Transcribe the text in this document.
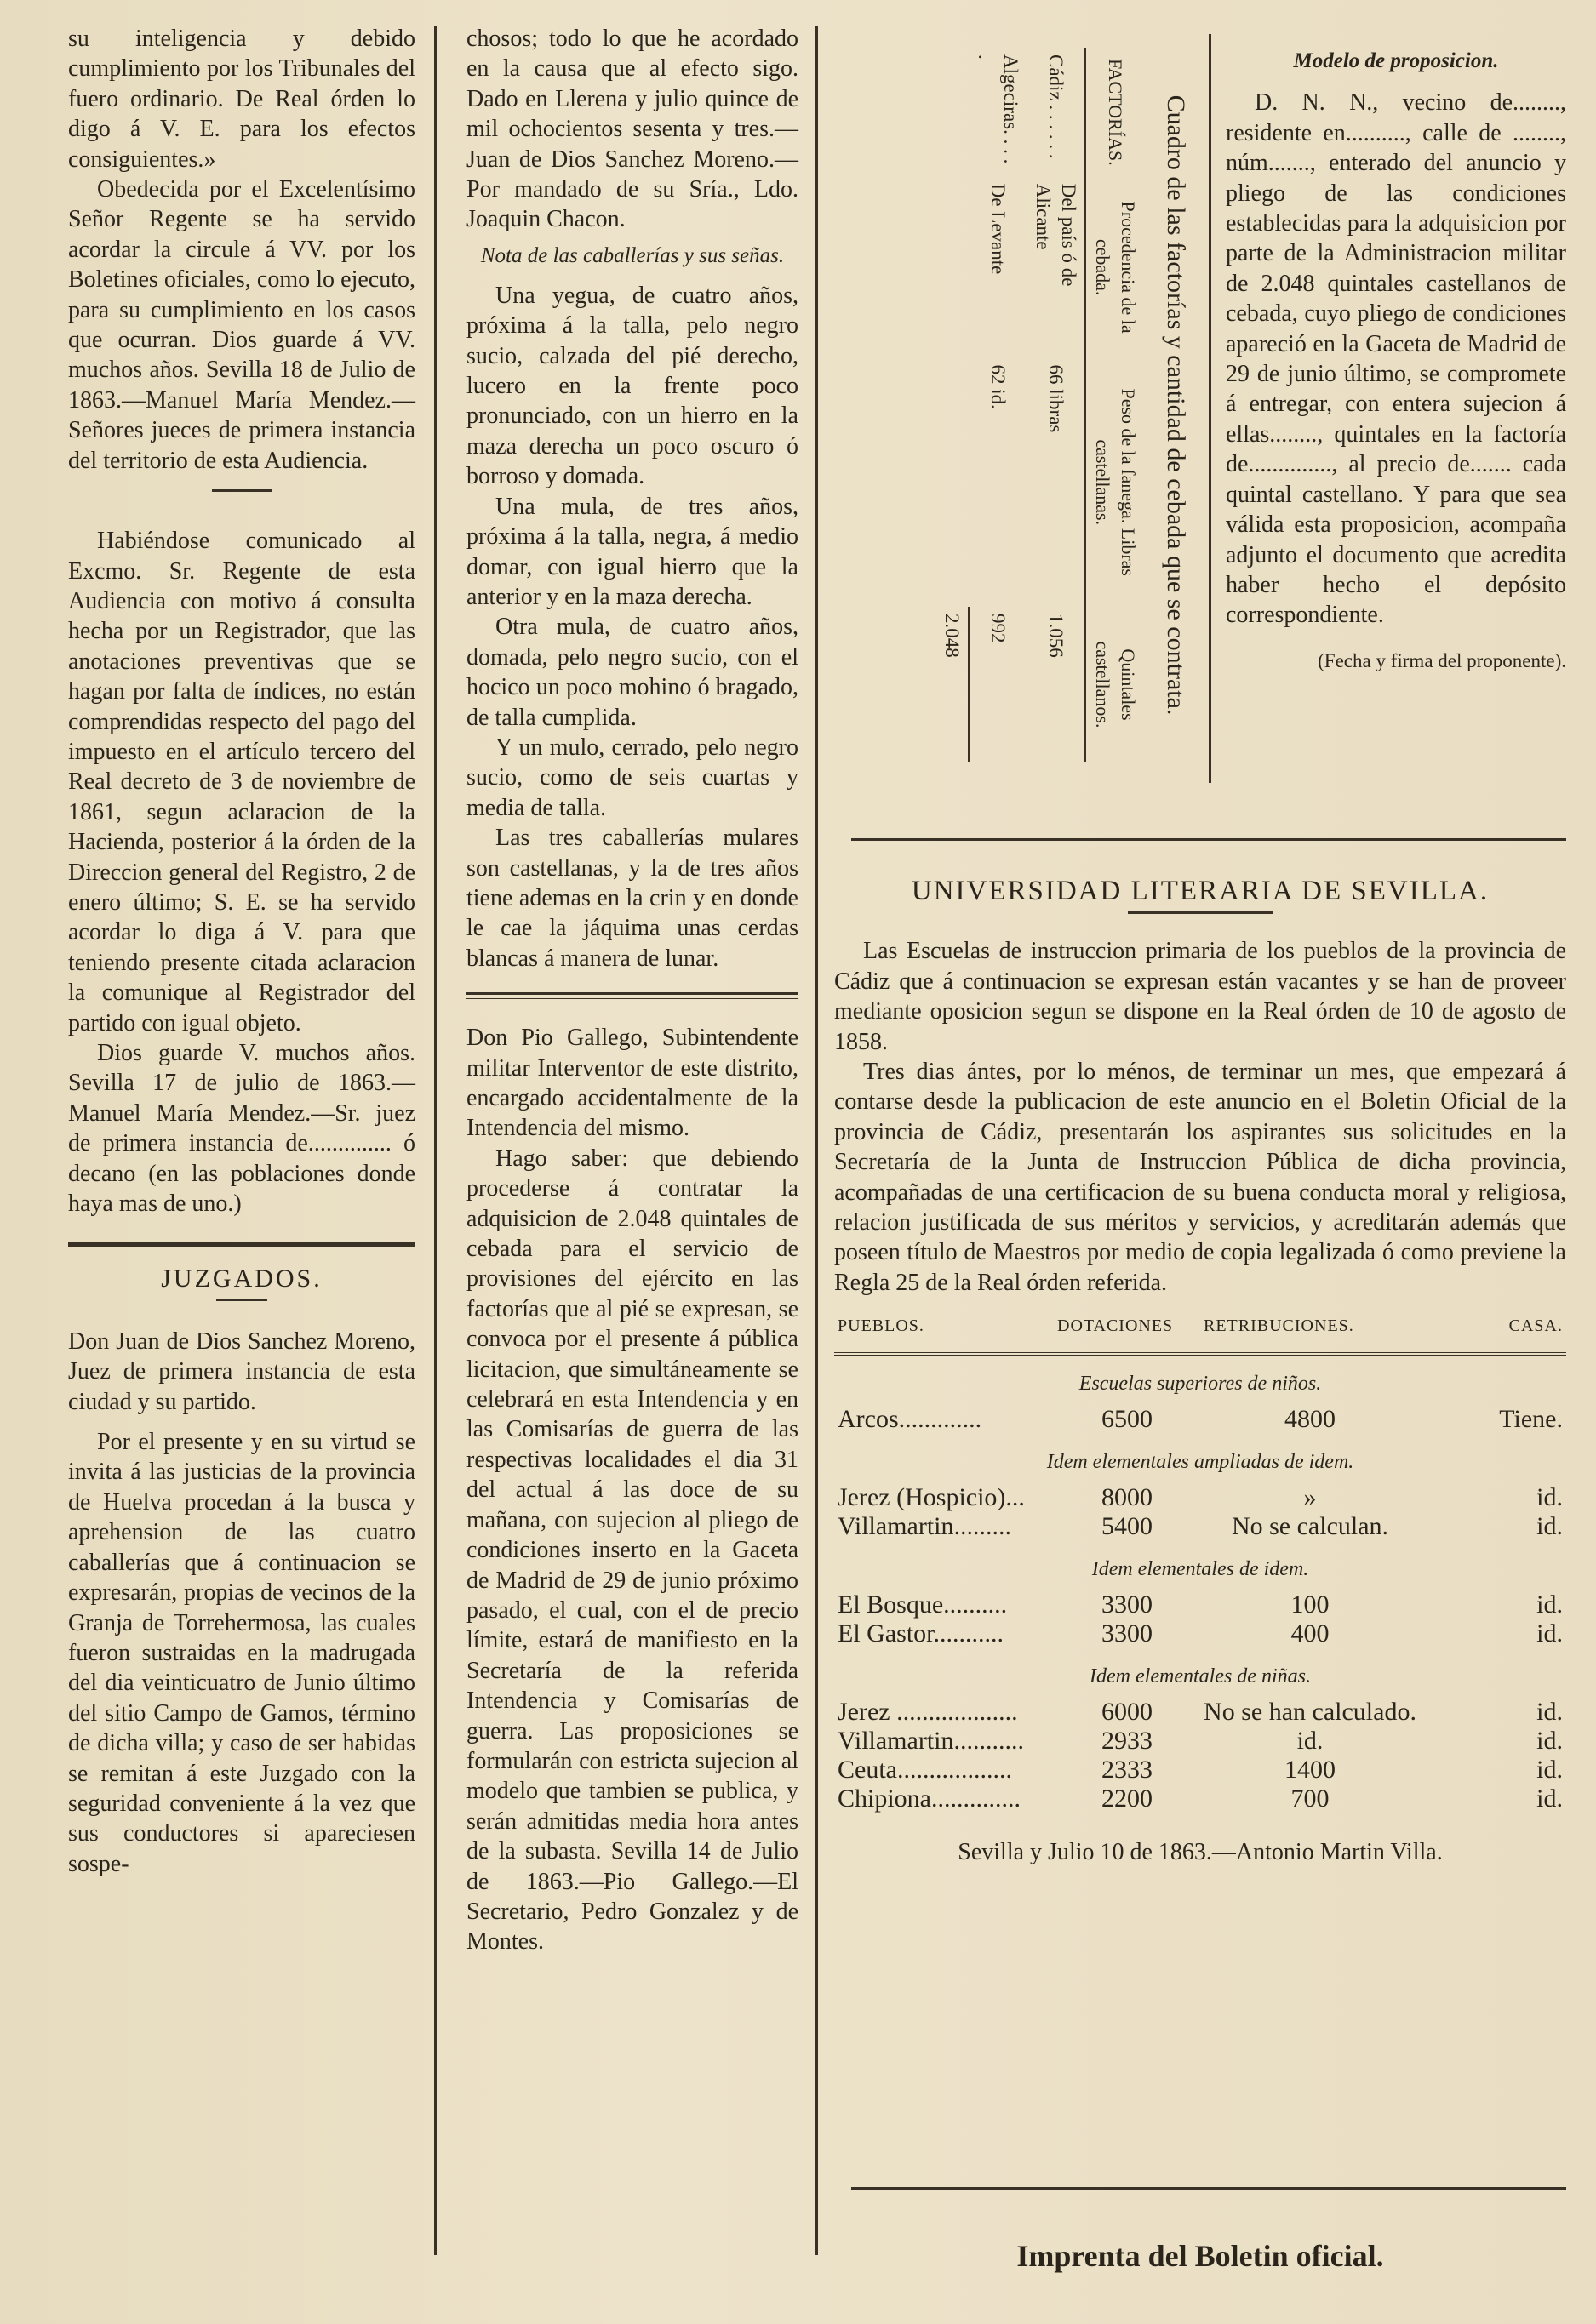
su inteligencia y debido cumplimiento por los Tribunales del fuero ordinario. De Real órden lo digo á V. E. para los efectos consiguientes.»

Obedecida por el Excelentísimo Señor Regente se ha servido acordar la circule á VV. por los Boletines oficiales, como lo ejecuto, para su cumplimiento en los casos que ocurran. Dios guarde á VV. muchos años. Sevilla 18 de Julio de 1863.—Manuel María Mendez.—Señores jueces de primera instancia del territorio de esta Audiencia.

Habiéndose comunicado al Excmo. Sr. Regente de esta Audiencia con motivo á consulta hecha por un Registrador, que las anotaciones preventivas que se hagan por falta de índices, no están comprendidas respecto del pago del impuesto en el artículo tercero del Real decreto de 3 de noviembre de 1861, segun aclaracion de la Hacienda, posterior á la órden de la Direccion general del Registro, 2 de enero último; S. E. se ha servido acordar lo diga á V. para que teniendo presente citada aclaracion la comunique al Registrador del partido con igual objeto.

Dios guarde V. muchos años. Sevilla 17 de julio de 1863.—Manuel María Mendez.—Sr. juez de primera instancia de.............. ó decano (en las poblaciones donde haya mas de uno.)

JUZGADOS.

Don Juan de Dios Sanchez Moreno, Juez de primera instancia de esta ciudad y su partido.

Por el presente y en su virtud se invita á las justicias de la provincia de Huelva procedan á la busca y aprehension de las cuatro caballerías que á continuacion se expresarán, propias de vecinos de la Granja de Torrehermosa, las cuales fueron sustraidas en la madrugada del dia veinticuatro de Junio último del sitio Campo de Gamos, término de dicha villa; y caso de ser habidas se remitan á este Juzgado con la seguridad conveniente á la vez que sus conductores si apareciesen sospe-

chosos; todo lo que he acordado en la causa que al efecto sigo. Dado en Llerena y julio quince de mil ochocientos sesenta y tres.—Juan de Dios Sanchez Moreno.—Por mandado de su Sría., Ldo. Joaquin Chacon.

Nota de las caballerías y sus señas.

Una yegua, de cuatro años, próxima á la talla, pelo negro sucio, calzada del pié derecho, lucero en la frente poco pronunciado, con un hierro en la maza derecha un poco oscuro ó borroso y domada.

Una mula, de tres años, próxima á la talla, negra, á medio domar, con igual hierro que la anterior y en la maza derecha.

Otra mula, de cuatro años, domada, pelo negro sucio, con el hocico un poco mohino ó bragado, de talla cumplida.

Y un mulo, cerrado, pelo negro sucio, como de seis cuartas y media de talla.

Las tres caballerías mulares son castellanas, y la de tres años tiene ademas en la crin y en donde le cae la jáquima unas cerdas blancas á manera de lunar.

Don Pio Gallego, Subintendente militar Interventor de este distrito, encargado accidentalmente de la Intendencia del mismo.

Hago saber: que debiendo procederse á contratar la adquisicion de 2.048 quintales de cebada para el servicio de provisiones del ejército en las factorías que al pié se expresan, se convoca por el presente á pública licitacion, que simultáneamente se celebrará en esta Intendencia y en las Comisarías de guerra de las respectivas localidades el dia 31 del actual á las doce de su mañana, con sujecion al pliego de condiciones inserto en la Gaceta de Madrid de 29 de junio próximo pasado, el cual, con el de precio límite, estará de manifiesto en la Secretaría de la referida Intendencia y Comisarías de guerra. Las proposiciones se formularán con estricta sujecion al modelo que tambien se publica, y serán admitidas media hora antes de la subasta. Sevilla 14 de Julio de 1863.—Pio Gallego.—El Secretario, Pedro Gonzalez y de Montes.

Cuadro de las factorías y cantidad de cebada que se contrata.
FACTORÍAS.	Procedencia de la cebada.	Peso de la fanega. Libras castellanas.	Quintales castellanos.
Cádiz . . . . . .	Del país ó de Alicante	66 libras	1.056
Algeciras. . . . .	De Levante	62 id.	992
			2.048

Modelo de proposicion.

D. N. N., vecino de........, residente en.........., calle de ........, núm......., enterado del anuncio y pliego de las condiciones establecidas para la adquisicion por parte de la Administracion militar de 2.048 quintales castellanos de cebada, cuyo pliego de condiciones apareció en la Gaceta de Madrid de 29 de junio último, se compromete á entregar, con entera sujecion á ellas........, quintales en la factoría de.............., al precio de....... cada quintal castellano. Y para que sea válida esta proposicion, acompaña adjunto el documento que acredita haber hecho el depósito correspondiente.

(Fecha y firma del proponente).

UNIVERSIDAD LITERARIA DE SEVILLA.

Las Escuelas de instruccion primaria de los pueblos de la provincia de Cádiz que á continuacion se expresan están vacantes y se han de proveer mediante oposicion segun se dispone en la Real órden de 10 de agosto de 1858.

Tres dias ántes, por lo ménos, de terminar un mes, que empezará á contarse desde la publicacion de este anuncio en el Boletin Oficial de la provincia de Cádiz, presentarán los aspirantes sus solicitudes en la Secretaría de la Junta de Instruccion Pública de dicha provincia, acompañadas de una certificacion de su buena conducta moral y religiosa, relacion justificada de sus méritos y servicios, y acreditarán además que poseen título de Maestros por medio de copia legalizada ó como previene la Regla 25 de la Real órden referida.

PUEBLOS.	DOTACIONES	RETRIBUCIONES.	CASA.
Escuelas superiores de niños.			
Arcos.............	6500	4800	Tiene.
Idem elementales ampliadas de idem.			
Jerez (Hospicio)...	8000	»	id.
Villamartin.........	5400	No se calculan.	id.
Idem elementales de idem.			
El Bosque..........	3300	100	id.
El Gastor...........	3300	400	id.
Idem elementales de niñas.			
Jerez ...................	6000	No se han calculado.	id.
Villamartin...........	2933	id.	id.
Ceuta..................	2333	1400	id.
Chipiona..............	2200	700	id.

Sevilla y Julio 10 de 1863.—Antonio Martin Villa.

Imprenta del Boletin oficial.
